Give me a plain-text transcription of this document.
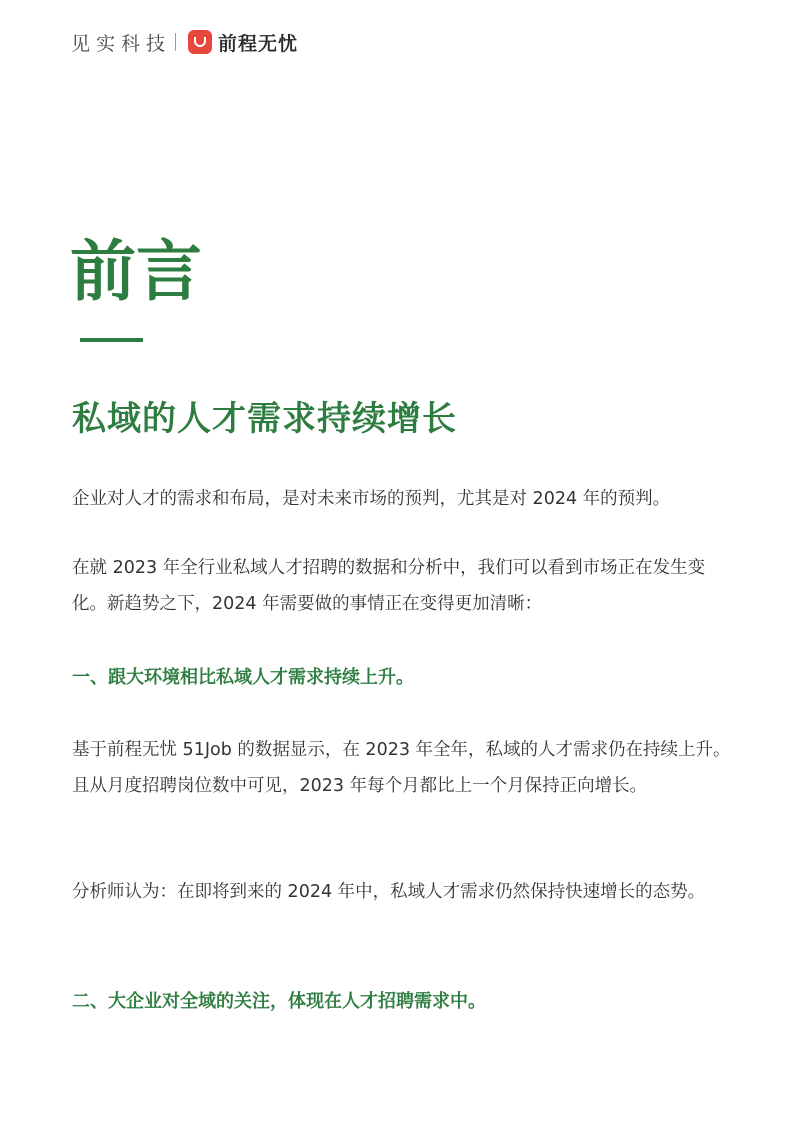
见实科技 前程无忧
前言
私域的人才需求持续增长

企业对人才的需求和布局，是对未来市场的预判，尤其是对 2024 年的预判。

在就 2023 年全行业私域人才招聘的数据和分析中，我们可以看到市场正在发生变化。新趋势之下，2024 年需要做的事情正在变得更加清晰：

一、跟大环境相比私域人才需求持续上升。

基于前程无忧 51Job 的数据显示，在 2023 年全年，私域的人才需求仍在持续上升。且从月度招聘岗位数中可见，2023 年每个月都比上一个月保持正向增长。

分析师认为：在即将到来的 2024 年中，私域人才需求仍然保持快速增长的态势。

二、大企业对全域的关注，体现在人才招聘需求中。
